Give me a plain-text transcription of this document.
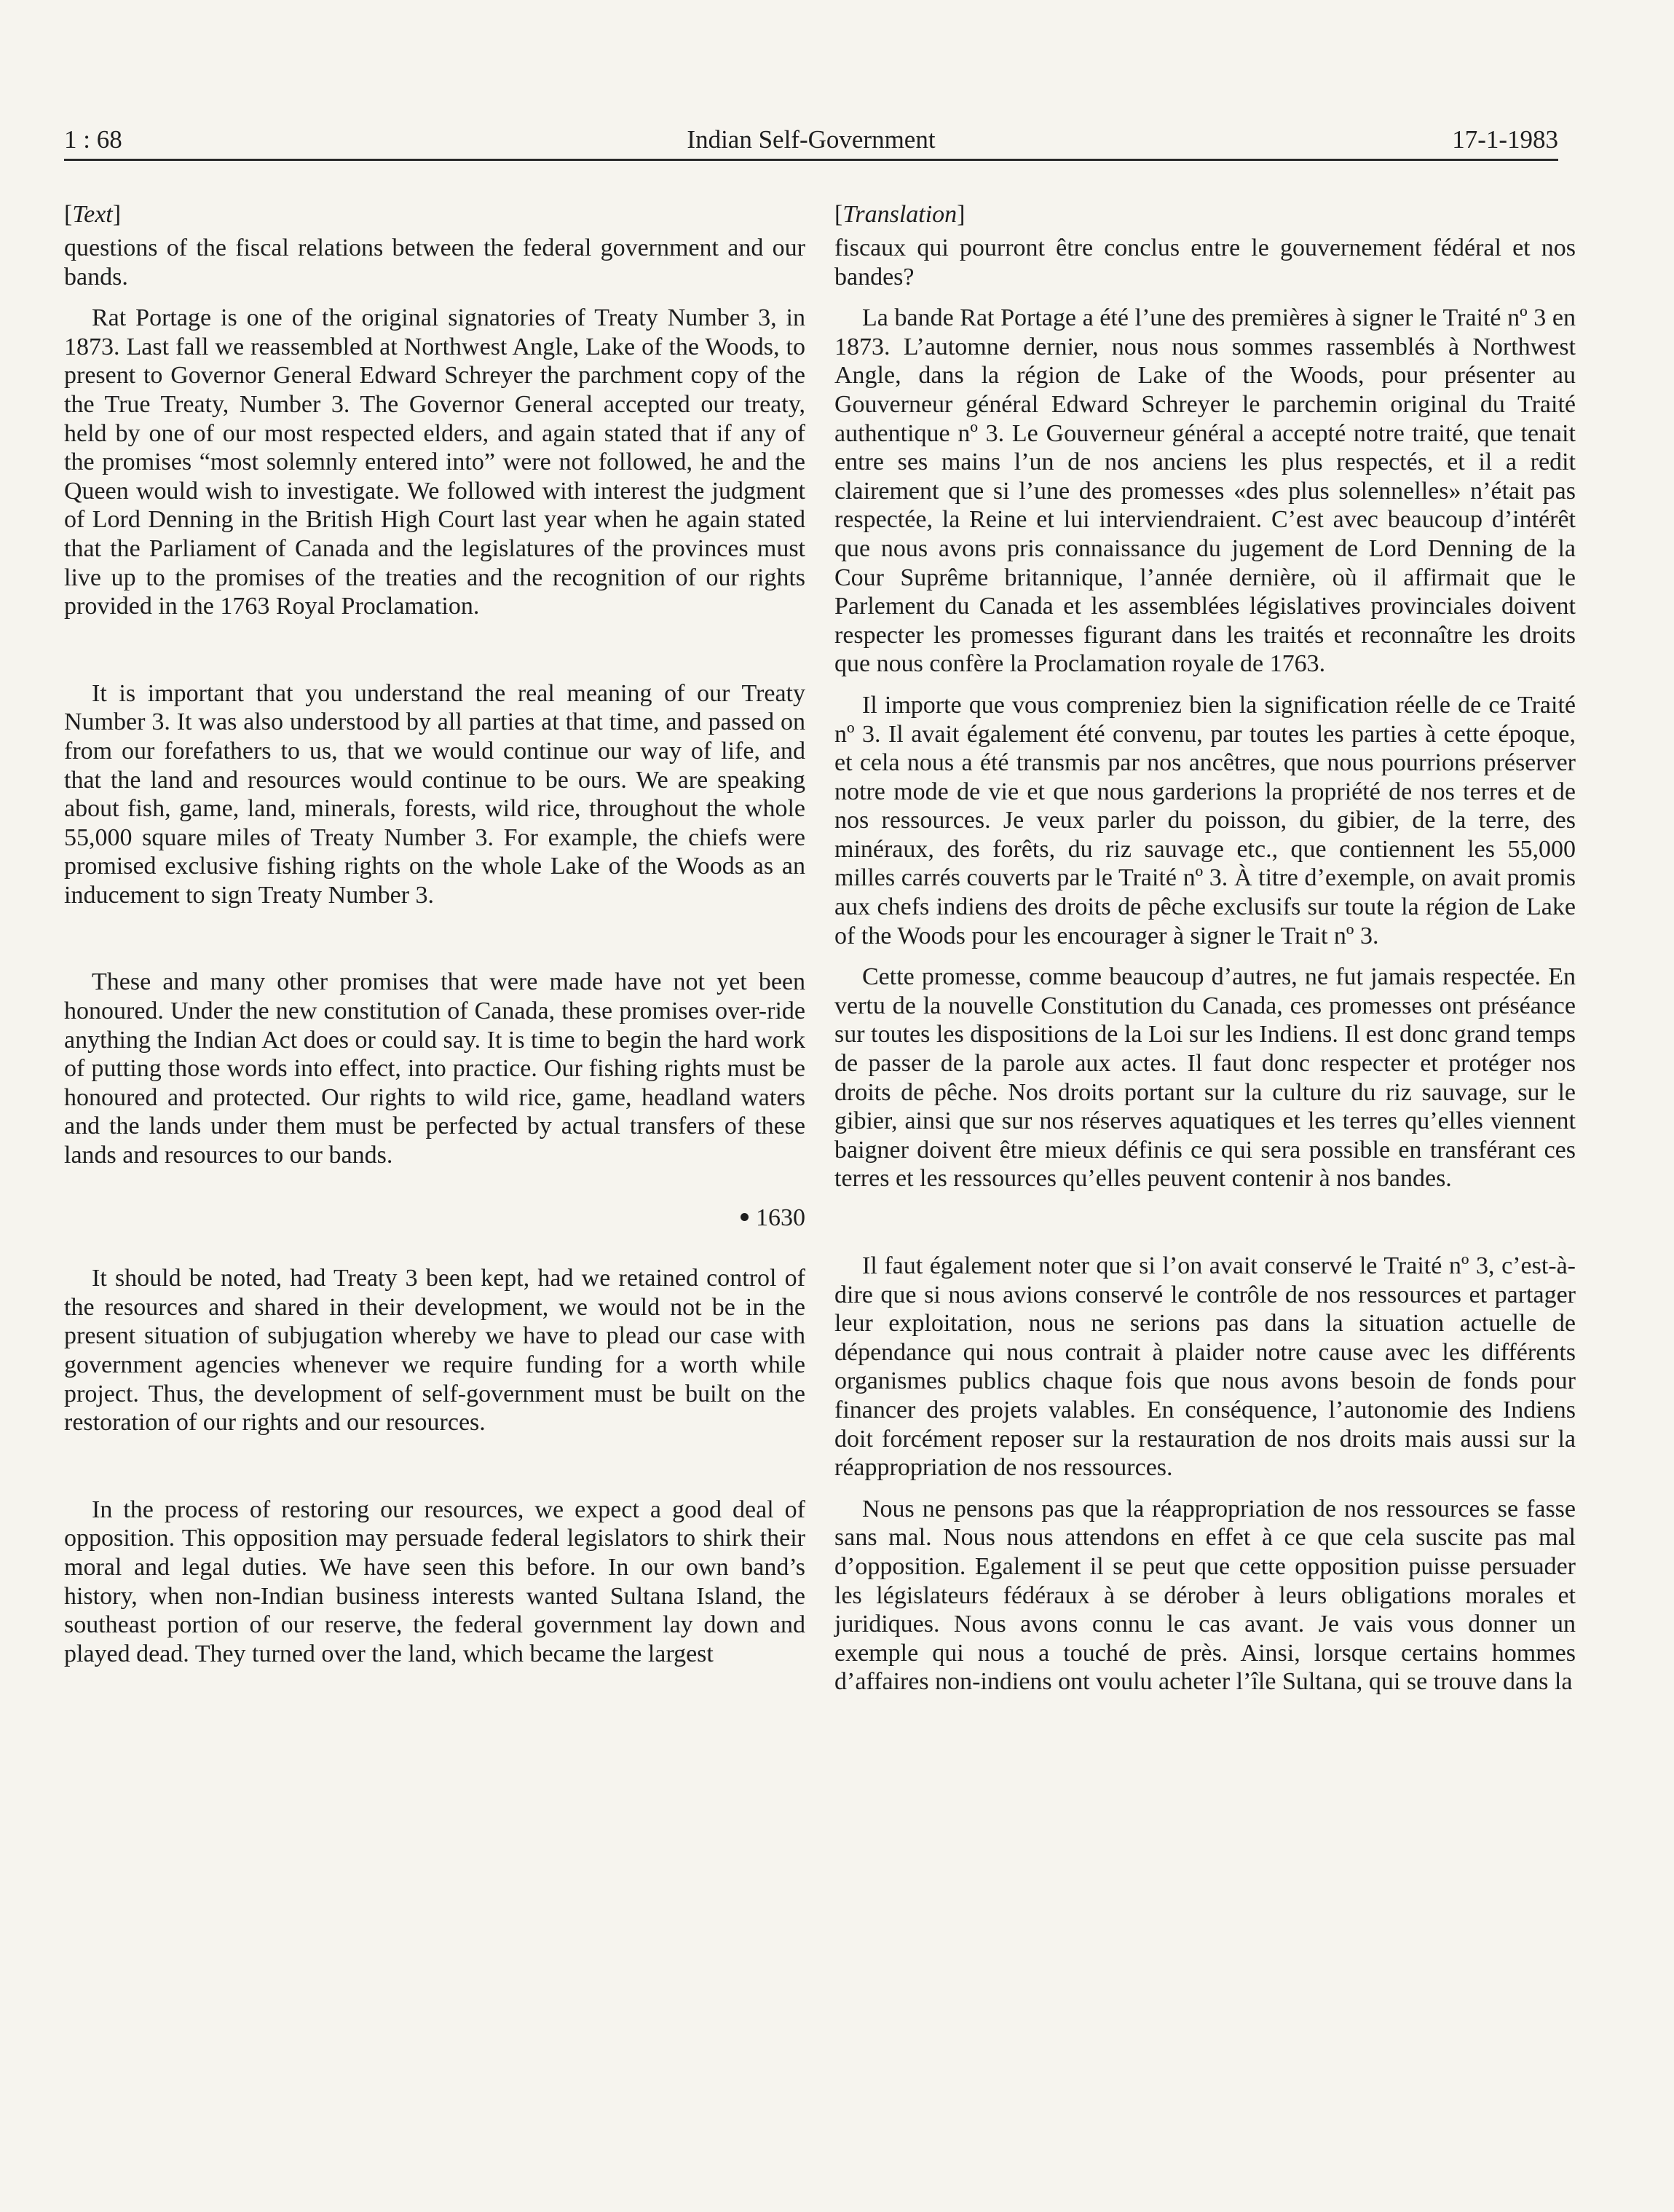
1 : 68	Indian Self-Government	17-1-1983

[Text]

questions of the fiscal relations between the federal government and our bands.

Rat Portage is one of the original signatories of Treaty Number 3, in 1873. Last fall we reassembled at Northwest Angle, Lake of the Woods, to present to Governor General Edward Schreyer the parchment copy of the the True Treaty, Number 3. The Governor General accepted our treaty, held by one of our most respected elders, and again stated that if any of the promises “most solemnly entered into” were not followed, he and the Queen would wish to investigate. We followed with interest the judgment of Lord Denning in the British High Court last year when he again stated that the Parliament of Canada and the legislatures of the provinces must live up to the promises of the treaties and the recognition of our rights provided in the 1763 Royal Proclamation.

It is important that you understand the real meaning of our Treaty Number 3. It was also understood by all parties at that time, and passed on from our forefathers to us, that we would continue our way of life, and that the land and resources would continue to be ours. We are speaking about fish, game, land, minerals, forests, wild rice, throughout the whole 55,000 square miles of Treaty Number 3. For example, the chiefs were promised exclusive fishing rights on the whole Lake of the Woods as an inducement to sign Treaty Number 3.

These and many other promises that were made have not yet been honoured. Under the new constitution of Canada, these promises over-ride anything the Indian Act does or could say. It is time to begin the hard work of putting those words into effect, into practice. Our fishing rights must be honoured and protected. Our rights to wild rice, game, headland waters and the lands under them must be perfected by actual transfers of these lands and resources to our bands.

1630

It should be noted, had Treaty 3 been kept, had we retained control of the resources and shared in their development, we would not be in the present situation of subjugation whereby we have to plead our case with government agencies whenever we require funding for a worth while project. Thus, the development of self-government must be built on the restoration of our rights and our resources.

In the process of restoring our resources, we expect a good deal of opposition. This opposition may persuade federal legislators to shirk their moral and legal duties. We have seen this before. In our own band’s history, when non-Indian business interests wanted Sultana Island, the southeast portion of our reserve, the federal government lay down and played dead. They turned over the land, which became the largest

[Translation]

fiscaux qui pourront être conclus entre le gouvernement fédéral et nos bandes?

La bande Rat Portage a été l’une des premières à signer le Traité nº 3 en 1873. L’automne dernier, nous nous sommes rassemblés à Northwest Angle, dans la région de Lake of the Woods, pour présenter au Gouverneur général Edward Schreyer le parchemin original du Traité authentique nº 3. Le Gouverneur général a accepté notre traité, que tenait entre ses mains l’un de nos anciens les plus respectés, et il a redit clairement que si l’une des promesses «des plus solennelles» n’était pas respectée, la Reine et lui interviendraient. C’est avec beaucoup d’intérêt que nous avons pris connaissance du jugement de Lord Denning de la Cour Suprême britannique, l’année dernière, où il affirmait que le Parlement du Canada et les assemblées législatives provinciales doivent respecter les promesses figurant dans les traités et reconnaître les droits que nous confère la Proclamation royale de 1763.

Il importe que vous compreniez bien la signification réelle de ce Traité nº 3. Il avait également été convenu, par toutes les parties à cette époque, et cela nous a été transmis par nos ancêtres, que nous pourrions préserver notre mode de vie et que nous garderions la propriété de nos terres et de nos ressources. Je veux parler du poisson, du gibier, de la terre, des minéraux, des forêts, du riz sauvage etc., que contiennent les 55,000 milles carrés couverts par le Traité nº 3. À titre d’exemple, on avait promis aux chefs indiens des droits de pêche exclusifs sur toute la région de Lake of the Woods pour les encourager à signer le Trait nº 3.

Cette promesse, comme beaucoup d’autres, ne fut jamais respectée. En vertu de la nouvelle Constitution du Canada, ces promesses ont préséance sur toutes les dispositions de la Loi sur les Indiens. Il est donc grand temps de passer de la parole aux actes. Il faut donc respecter et protéger nos droits de pêche. Nos droits portant sur la culture du riz sauvage, sur le gibier, ainsi que sur nos réserves aquatiques et les terres qu’elles viennent baigner doivent être mieux définis ce qui sera possible en transférant ces terres et les ressources qu’elles peuvent contenir à nos bandes.

Il faut également noter que si l’on avait conservé le Traité nº 3, c’est-à-dire que si nous avions conservé le contrôle de nos ressources et partager leur exploitation, nous ne serions pas dans la situation actuelle de dépendance qui nous contrait à plaider notre cause avec les différents organismes publics chaque fois que nous avons besoin de fonds pour financer des projets valables. En conséquence, l’autonomie des Indiens doit forcément reposer sur la restauration de nos droits mais aussi sur la réappropriation de nos ressources.

Nous ne pensons pas que la réappropriation de nos ressources se fasse sans mal. Nous nous attendons en effet à ce que cela suscite pas mal d’opposition. Egalement il se peut que cette opposition puisse persuader les législateurs fédéraux à se dérober à leurs obligations morales et juridiques. Nous avons connu le cas avant. Je vais vous donner un exemple qui nous a touché de près. Ainsi, lorsque certains hommes d’affaires non-indiens ont voulu acheter l’île Sultana, qui se trouve dans la
